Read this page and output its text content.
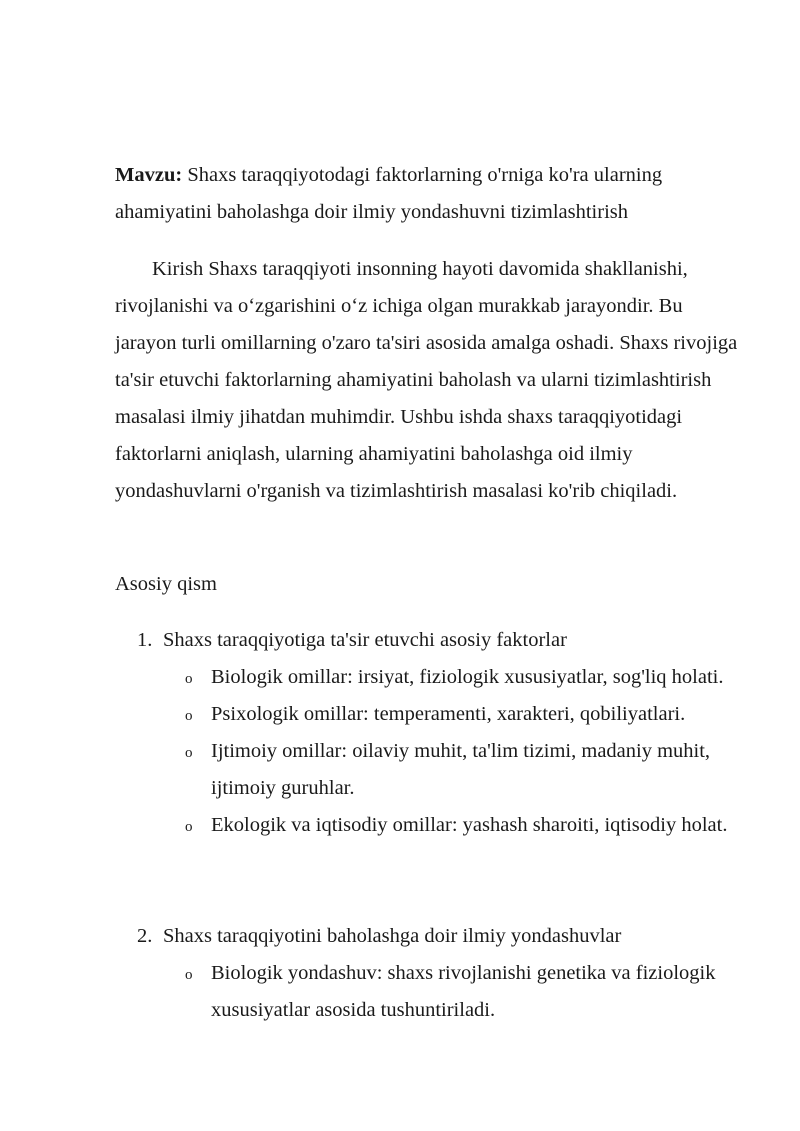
Mavzu: Shaxs taraqqiyotodagi faktorlarning o'rniga ko'ra ularning ahamiyatini baholashga doir ilmiy yondashuvni tizimlashtirish
Kirish Shaxs taraqqiyoti insonning hayoti davomida shakllanishi, rivojlanishi va o‘zgarishini o‘z ichiga olgan murakkab jarayondir. Bu jarayon turli omillarning o'zaro ta'siri asosida amalga oshadi. Shaxs rivojiga ta'sir etuvchi faktorlarning ahamiyatini baholash va ularni tizimlashtirish masalasi ilmiy jihatdan muhimdir. Ushbu ishda shaxs taraqqiyotidagi faktorlarni aniqlash, ularning ahamiyatini baholashga oid ilmiy yondashuvlarni o'rganish va tizimlashtirish masalasi ko'rib chiqiladi.
Asosiy qism
1. Shaxs taraqqiyotiga ta'sir etuvchi asosiy faktorlar
o Biologik omillar: irsiyat, fiziologik xususiyatlar, sog'liq holati.
o Psixologik omillar: temperamenti, xarakteri, qobiliyatlari.
o Ijtimoiy omillar: oilaviy muhit, ta'lim tizimi, madaniy muhit, ijtimoiy guruhlar.
o Ekologik va iqtisodiy omillar: yashash sharoiti, iqtisodiy holat.
2. Shaxs taraqqiyotini baholashga doir ilmiy yondashuvlar
o Biologik yondashuv: shaxs rivojlanishi genetika va fiziologik xususiyatlar asosida tushuntiriladi.
